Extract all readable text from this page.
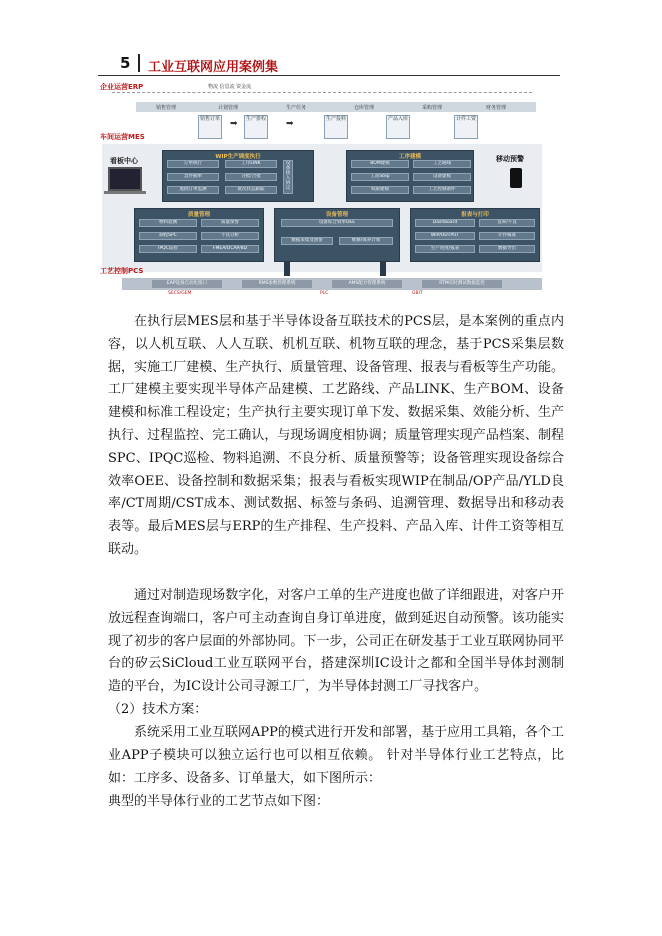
5 工业互联网应用案例集
企业运营ERP	物流 信息流 资金流
销售管理	计划管理	生产任务	仓库管理	采购管理	财务管理
销售订单 ➡	生产排程 ➡	生产投料	产品入库	计件工资
车间运营MES
看板中心	移动预警
WIP生产调度执行
订单执行	工序LINK
急件插单	分批/合批
尾批订单监测	批次状态跟踪
设备接入协议
工序建模
BOM建模	工艺路线
工站Step	设备建模
权限建模	工艺控制条件
质量管理
物料追溯	质量预警
制程SPC	不良分析
IPQC巡检	FMEA/OCAP/8D
设备管理
设备综合效率OEE
数据采集及预警	维修/保养计划
报表与打印
Dashboard	良率/不良
WIP/OUTPUT	计件核算
生产进度/报表	数据导出
工艺控制PCS
EAP设备自动化接口	RMS参数管理系统	AMS配方管理系统	RTM实时测试数据监控
SECS/GEM	PLC	GBIT

在执行层MES层和基于半导体设备互联技术的PCS层，是本案例的重点内容，以人机互联、人人互联、机机互联、机物互联的理念，基于PCS采集层数据，实施工厂建模、生产执行、质量管理、设备管理、报表与看板等生产功能。工厂建模主要实现半导体产品建模、工艺路线、产品LINK、生产BOM、设备建模和标准工程设定；生产执行主要实现订单下发、数据采集、效能分析、生产执行、过程监控、完工确认，与现场调度相协调；质量管理实现产品档案、制程SPC、IPQC巡检、物料追溯、不良分析、质量预警等；设备管理实现设备综合效率OEE、设备控制和数据采集；报表与看板实现WIP在制品/OP产品/YLD良率/CT周期/CST成本、测试数据、标签与条码、追溯管理、数据导出和移动表表等。最后MES层与ERP的生产排程、生产投料、产品入库、计件工资等相互联动。

通过对制造现场数字化，对客户工单的生产进度也做了详细跟进，对客户开放远程查询端口，客户可主动查询自身订单进度，做到延迟自动预警。该功能实现了初步的客户层面的外部协同。下一步，公司正在研发基于工业互联网协同平台的矽云SiCloud工业互联网平台，搭建深圳IC设计之都和全国半导体封测制造的平台，为IC设计公司寻源工厂，为半导体封测工厂寻找客户。

（2）技术方案：

系统采用工业互联网APP的模式进行开发和部署，基于应用工具箱，各个工业APP子模块可以独立运行也可以相互依赖。 针对半导体行业工艺特点，比如：工序多、设备多、订单量大，如下图所示：

典型的半导体行业的工艺节点如下图：
